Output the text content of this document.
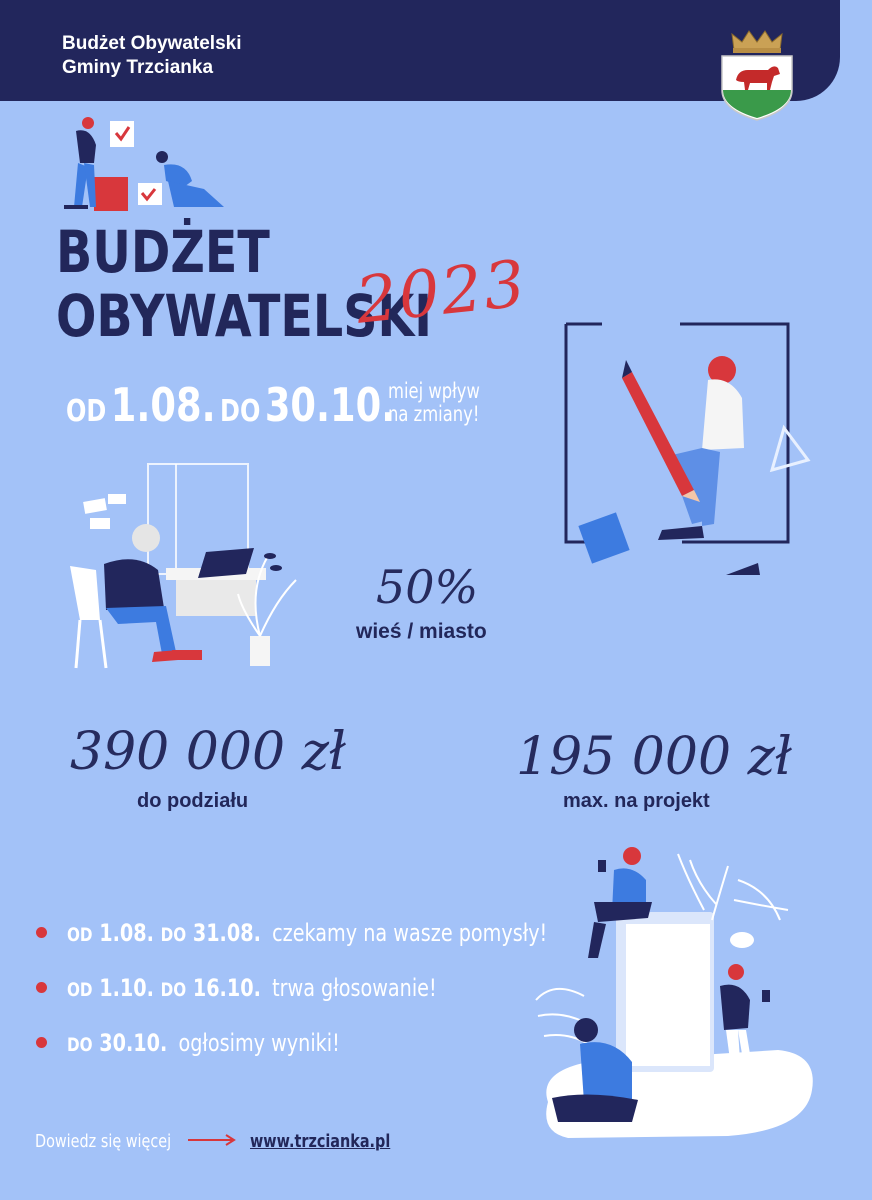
Budżet Obywatelski
Gminy Trzcianka
BUDŻET
OBYWATELSKI
2023
OD 1.08. DO 30.10.
miej wpływ
na zmiany!
50%
wieś / miasto
390 000 zł
do podziału
195 000 zł
max. na projekt
OD 1.08. DO 31.08. czekamy na wasze pomysły!
OD 1.10. DO 16.10. trwa głosowanie!
DO 30.10. ogłosimy wyniki!
Dowiedz się więcej	www.trzcianka.pl
